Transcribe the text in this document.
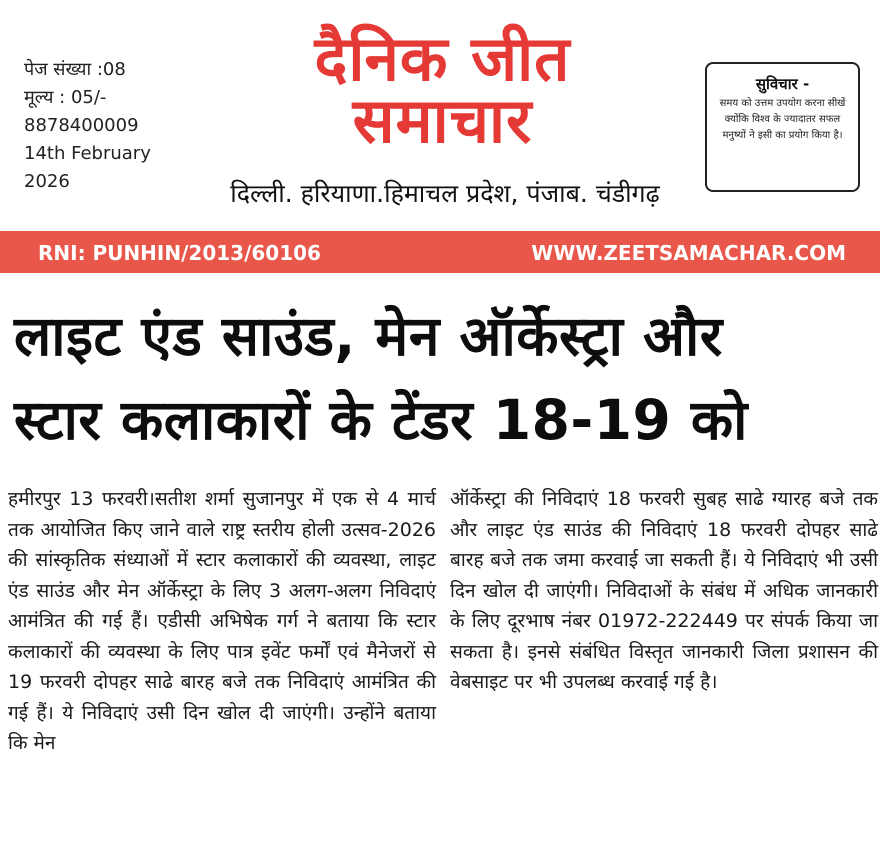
पेज संख्या :08
मूल्य : 05/-
8878400009
14th February
2026
दैनिक जीत
समाचार
दिल्ली. हरियाणा.हिमाचल प्रदेश, पंजाब. चंडीगढ़
सुविचार -
समय को उत्तम उपयोग करना सीखें क्योंकि विश्व के ज्यादातर सफल मनुष्यों ने इसी का प्रयोग किया है।
RNI: PUNHIN/2013/60106	WWW.ZEETSAMACHAR.COM
लाइट एंड साउंड, मेन ऑर्केस्ट्रा और
स्टार कलाकारों के टेंडर 18-19 को

हमीरपुर 13 फरवरी।सतीश शर्मा सुजानपुर में एक से 4 मार्च तक आयोजित किए जाने वाले राष्ट्र स्तरीय होली उत्सव-2026 की सांस्कृतिक संध्याओं में स्टार कलाकारों की व्यवस्था, लाइट एंड साउंड और मेन ऑर्केस्ट्रा के लिए 3 अलग-अलग निविदाएं आमंत्रित की गई हैं। एडीसी अभिषेक गर्ग ने बताया कि स्टार कलाकारों की व्यवस्था के लिए पात्र इवेंट फर्मों एवं मैनेजरों से 19 फरवरी दोपहर साढे बारह बजे तक निविदाएं आमंत्रित की गई हैं। ये निविदाएं उसी दिन खोल दी जाएंगी। उन्होंने बताया कि मेन

ऑर्केस्ट्रा की निविदाएं 18 फरवरी सुबह साढे ग्यारह बजे तक और लाइट एंड साउंड की निविदाएं 18 फरवरी दोपहर साढे बारह बजे तक जमा करवाई जा सकती हैं। ये निविदाएं भी उसी दिन खोल दी जाएंगी। निविदाओं के संबंध में अधिक जानकारी के लिए दूरभाष नंबर 01972-222449 पर संपर्क किया जा सकता है। इनसे संबंधित विस्तृत जानकारी जिला प्रशासन की वेबसाइट पर भी उपलब्ध करवाई गई है।
